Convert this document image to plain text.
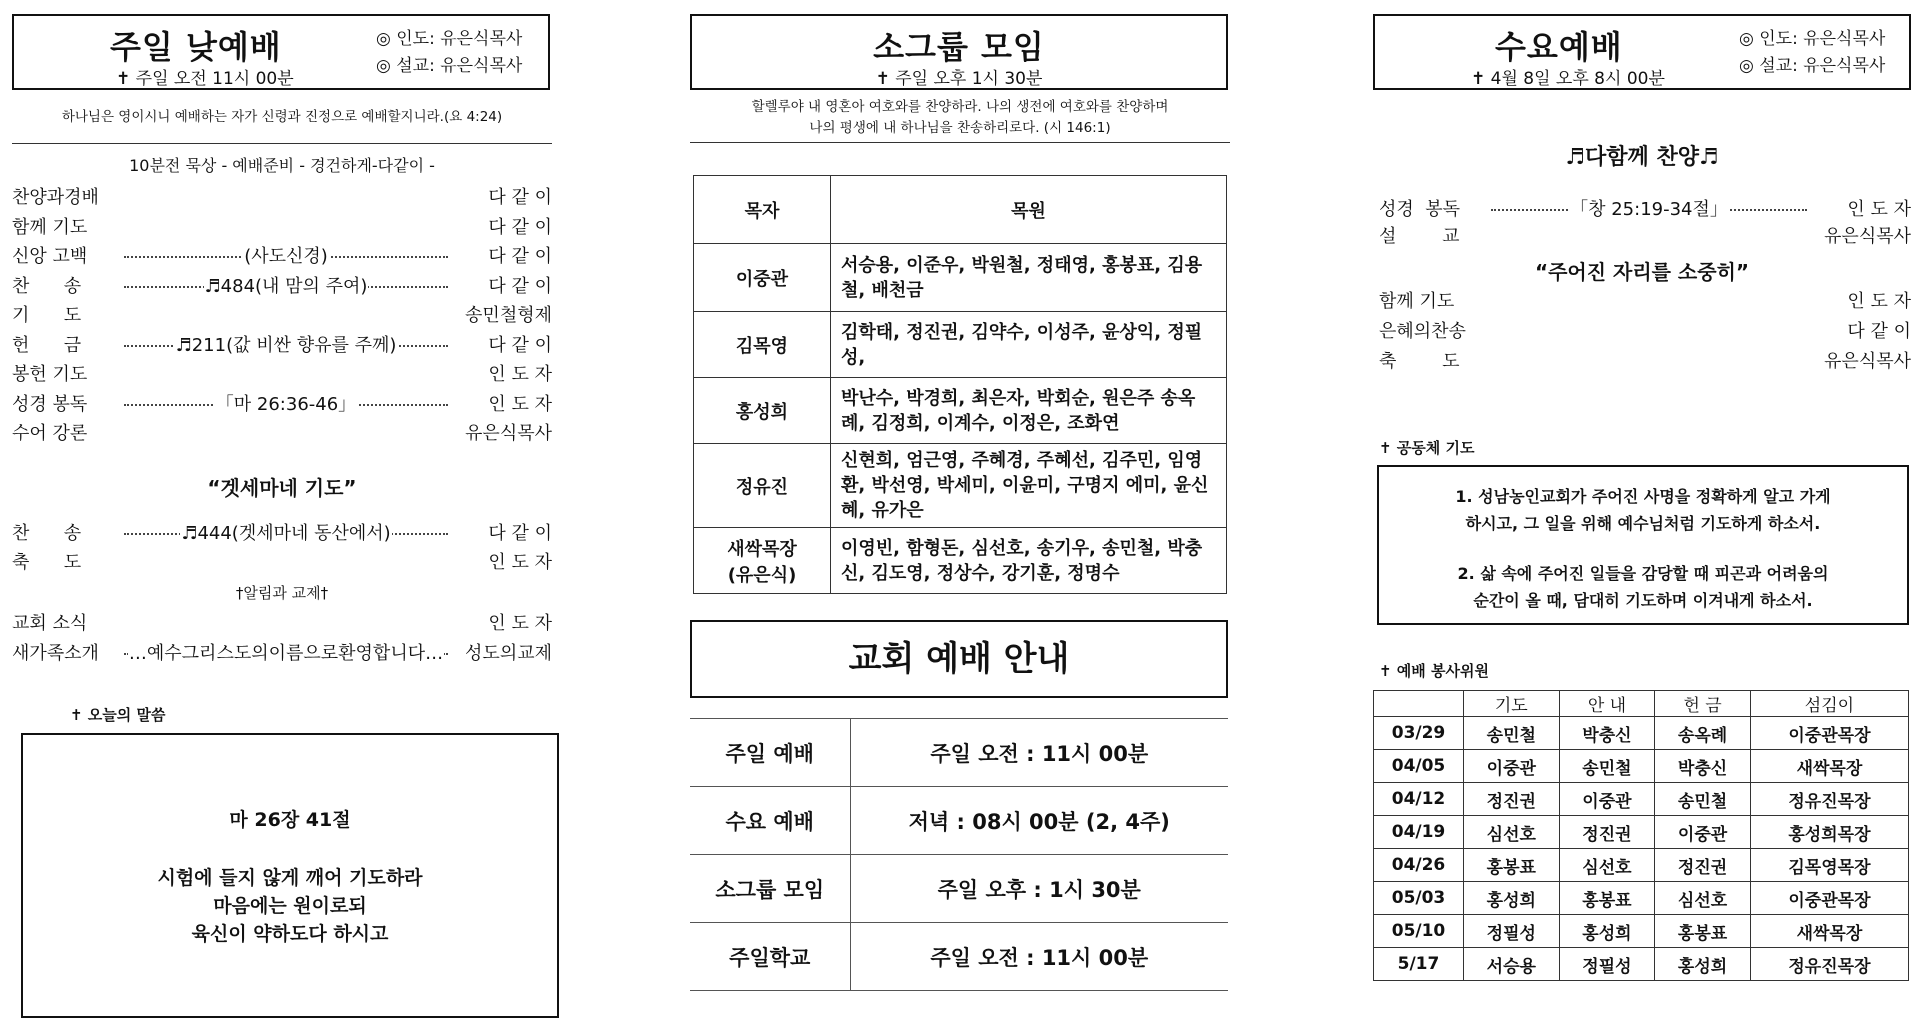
주일 낮예배
✝ 주일 오전 11시 00분
◎ 인도: 유은식목사
◎ 설교: 유은식목사
하나님은 영이시니 예배하는 자가 신령과 진정으로 예배할지니라.(요 4:24)
10분전 묵상 - 예배준비 - 경건하게-다같이 -
찬양과경배	다 같 이
함께 기도	다 같 이
신앙 고백	(사도신경)	다 같 이
찬      송	♬484(내 맘의 주여)	다 같 이
기      도	송민철형제
헌      금	♬211(값 비싼 향유를 주께)	다 같 이
봉헌 기도	인 도 자
성경 봉독	「마 26:36-46」	인 도 자
수어 강론	유은식목사
“겟세마네 기도”
찬      송	♬444(겟세마네 동산에서)	다 같 이
축      도	인 도 자
†알림과 교제†
교회 소식	인 도 자
새가족소개	…예수그리스도의이름으로환영합니다…	성도의교제
마 26장 41절
시험에 들지 않게 깨어 기도하라
마음에는 원이로되
육신이 약하도다 하시고
✝ 오늘의 말씀
소그룹 모임
✝ 주일 오후 1시 30분
할렐루야 내 영혼아 여호와를 찬양하라. 나의 생전에 여호와를 찬양하며
나의 평생에 내 하나님을 찬송하리로다. (시 146:1)
목자	목원
이중관	서승용, 이준우, 박원철, 정태영, 홍봉표, 김용철, 배천금
김목영	김학태, 정진권, 김약수, 이성주, 윤상익, 정필성,
홍성희	박난수, 박경희, 최은자, 박회순, 원은주 송옥례, 김정희, 이계수, 이정은, 조화연
정유진	신현희, 엄근영, 주혜경, 주혜선, 김주민, 임영환, 박선영, 박세미, 이윤미, 구명지 에미, 윤신혜, 유가은
새싹목장
(유은식)	이영빈, 함형돈, 심선호, 송기우, 송민철, 박충신, 김도영, 정상수, 강기훈, 정명수
교회 예배 안내
주일 예배	주일 오전 : 11시 00분
수요 예배	저녁 : 08시 00분 (2, 4주)
소그룹 모임	주일 오후 : 1시 30분
주일학교	주일 오전 : 11시 00분
수요예배
✝ 4월 8일 오후 8시 00분
◎ 인도: 유은식목사
◎ 설교: 유은식목사
♬다함께 찬양♬
성경  봉독	「창 25:19-34절」	인 도 자
설        교	유은식목사
“주어진 자리를 소중히”
함께 기도	인 도 자
은혜의찬송	다 같 이
축        도	유은식목사
✝ 공동체 기도
1. 성남농인교회가 주어진 사명을 정확하게 알고 가게
하시고, 그 일을 위해 예수님처럼 기도하게 하소서.
2. 삶 속에 주어진 일들을 감당할 때 피곤과 어려움의
순간이 올 때, 담대히 기도하며 이겨내게 하소서.
✝ 예배 봉사위원
	기도	안 내	헌 금	섬김이
03/29	송민철	박충신	송옥례	이중관목장
04/05	이중관	송민철	박충신	새싹목장
04/12	정진권	이중관	송민철	정유진목장
04/19	심선호	정진권	이중관	홍성희목장
04/26	홍봉표	심선호	정진권	김목영목장
05/03	홍성희	홍봉표	심선호	이중관목장
05/10	정필성	홍성희	홍봉표	새싹목장
5/17	서승용	정필성	홍성희	정유진목장
